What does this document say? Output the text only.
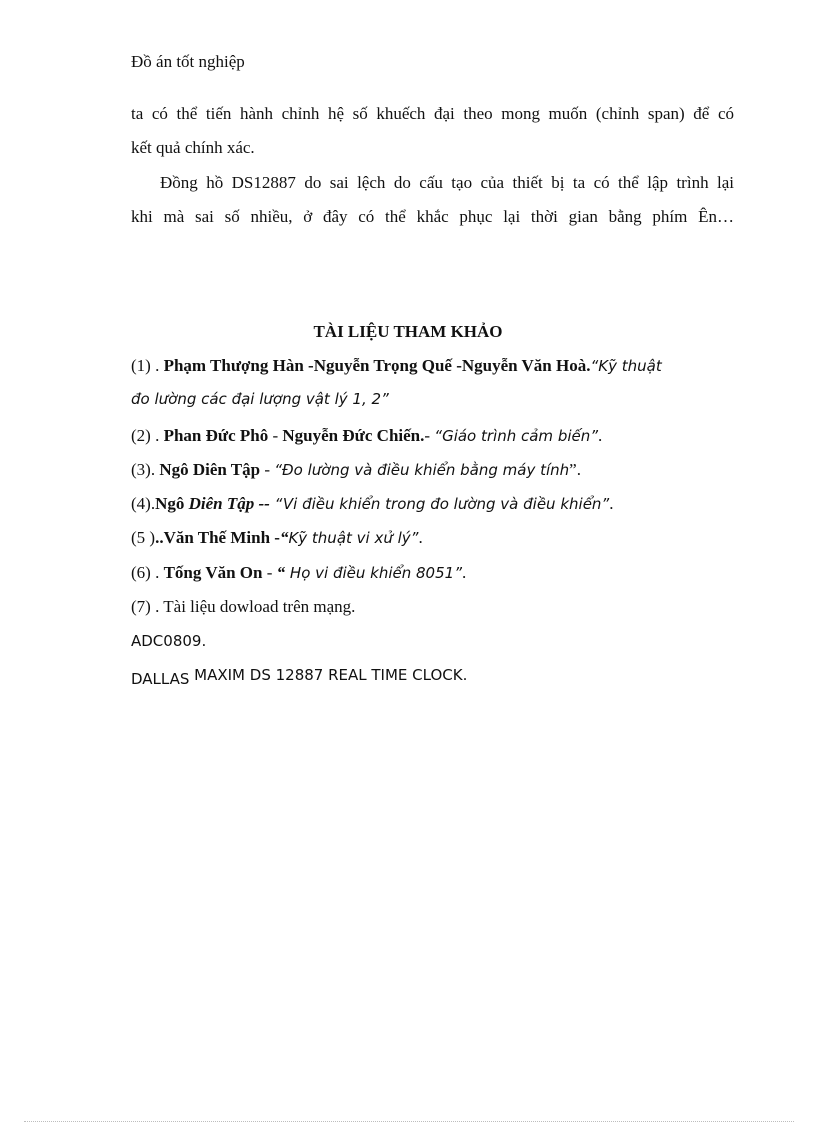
Đồ án tốt nghiệp
ta có thể tiến hành chỉnh hệ số khuếch đại theo mong muốn (chỉnh span) để có
kết quả chính xác.
Đồng hồ DS12887 do sai lệch do cấu tạo của thiết bị ta có thể lập trình lại
khi mà sai số nhiều, ở đây có thể khắc phục lại thời gian bằng phím Ên…
TÀI LIỆU THAM KHẢO
(1) . Phạm Thượng Hàn -Nguyễn Trọng Quế -Nguyễn Văn Hoà.“Kỹ thuật
đo lường các đại lượng vật lý 1, 2”
(2) . Phan Đức Phô - Nguyễn Đức Chiến.- “Giáo trình cảm biến”.
(3). Ngô Diên Tập - “Đo lường và điều khiển bằng máy tính”.
(4).Ngô Diên Tập -- “Vi điều khiển trong đo lường và điều khiển”.
(5 )..Văn Thế Minh -“Kỹ thuật vi xử lý”.
(6) . Tống Văn On - “ Họ vi điều khiển 8051”.
(7) . Tài liệu dowload trên mạng.
ADC0809.
DALLAS MAXIM DS 12887 REAL TIME CLOCK.
